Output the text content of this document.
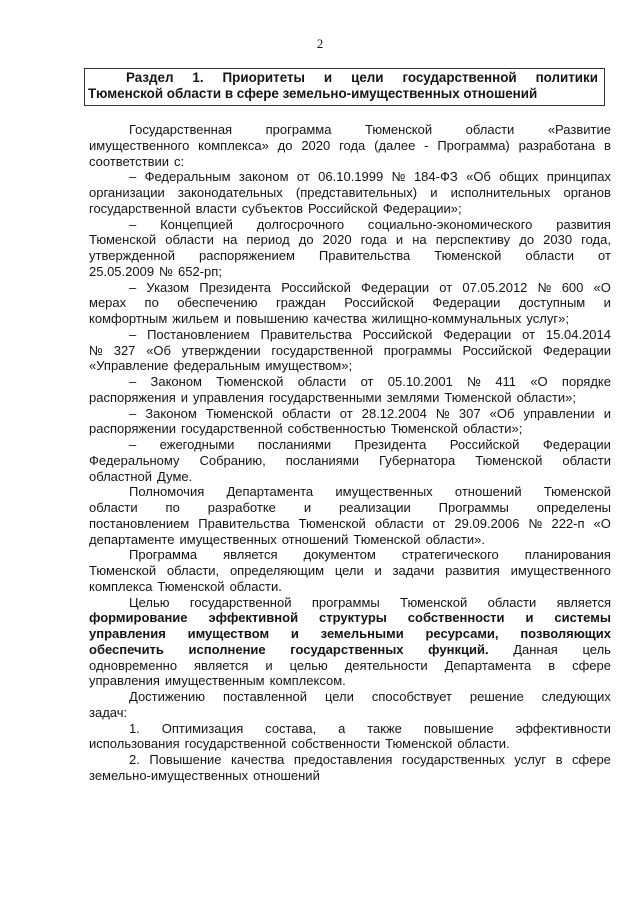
2
Раздел 1. Приоритеты и цели государственной политики
Тюменской области в сфере земельно-имущественных отношений
Государственная	программа	Тюменской	области	«Развитие
имущественного комплекса» до 2020 года (далее - Программа) разработана в
соответствии с:
– Федеральным законом от 06.10.1999 № 184-ФЗ «Об общих принципах
организации законодательных (представительных) и исполнительных органов
государственной власти субъектов Российской Федерации»;
– Концепцией долгосрочного социально-экономического развития
Тюменской области на период до 2020 года и на перспективу до 2030 года,
утвержденной распоряжением Правительства Тюменской области от
25.05.2009 № 652-рп;
– Указом Президента Российской Федерации от 07.05.2012 № 600 «О
мерах по обеспечению граждан Российской Федерации доступным и
комфортным жильем и повышению качества жилищно-коммунальных услуг»;
– Постановлением Правительства Российской Федерации от 15.04.2014
№ 327 «Об утверждении государственной программы Российской Федерации
«Управление федеральным имуществом»;
– Законом Тюменской области от 05.10.2001 № 411 «О порядке
распоряжения и управления государственными землями Тюменской области»;
– Законом Тюменской области от 28.12.2004 № 307 «Об управлении и
распоряжении государственной собственностью Тюменской области»;
– ежегодными посланиями Президента Российской Федерации
Федеральному Собранию, посланиями Губернатора Тюменской области
областной Думе.
Полномочия Департамента имущественных отношений Тюменской
области по разработке и реализации Программы определены
постановлением Правительства Тюменской области от 29.09.2006 № 222-п «О
департаменте имущественных отношений Тюменской области».
Программа является документом стратегического планирования
Тюменской области, определяющим цели и задачи развития имущественного
комплекса Тюменской области.
Целью государственной программы Тюменской области является
формирование эффективной структуры собственности и системы
управления имуществом и земельными ресурсами, позволяющих
обеспечить исполнение государственных функций. Данная цель
одновременно является и целью деятельности Департамента в сфере
управления имущественным комплексом.
Достижению поставленной цели способствует решение следующих
задач:
1. Оптимизация состава, а также повышение эффективности
использования государственной собственности Тюменской области.
2. Повышение качества предоставления государственных услуг в сфере
земельно-имущественных отношений
